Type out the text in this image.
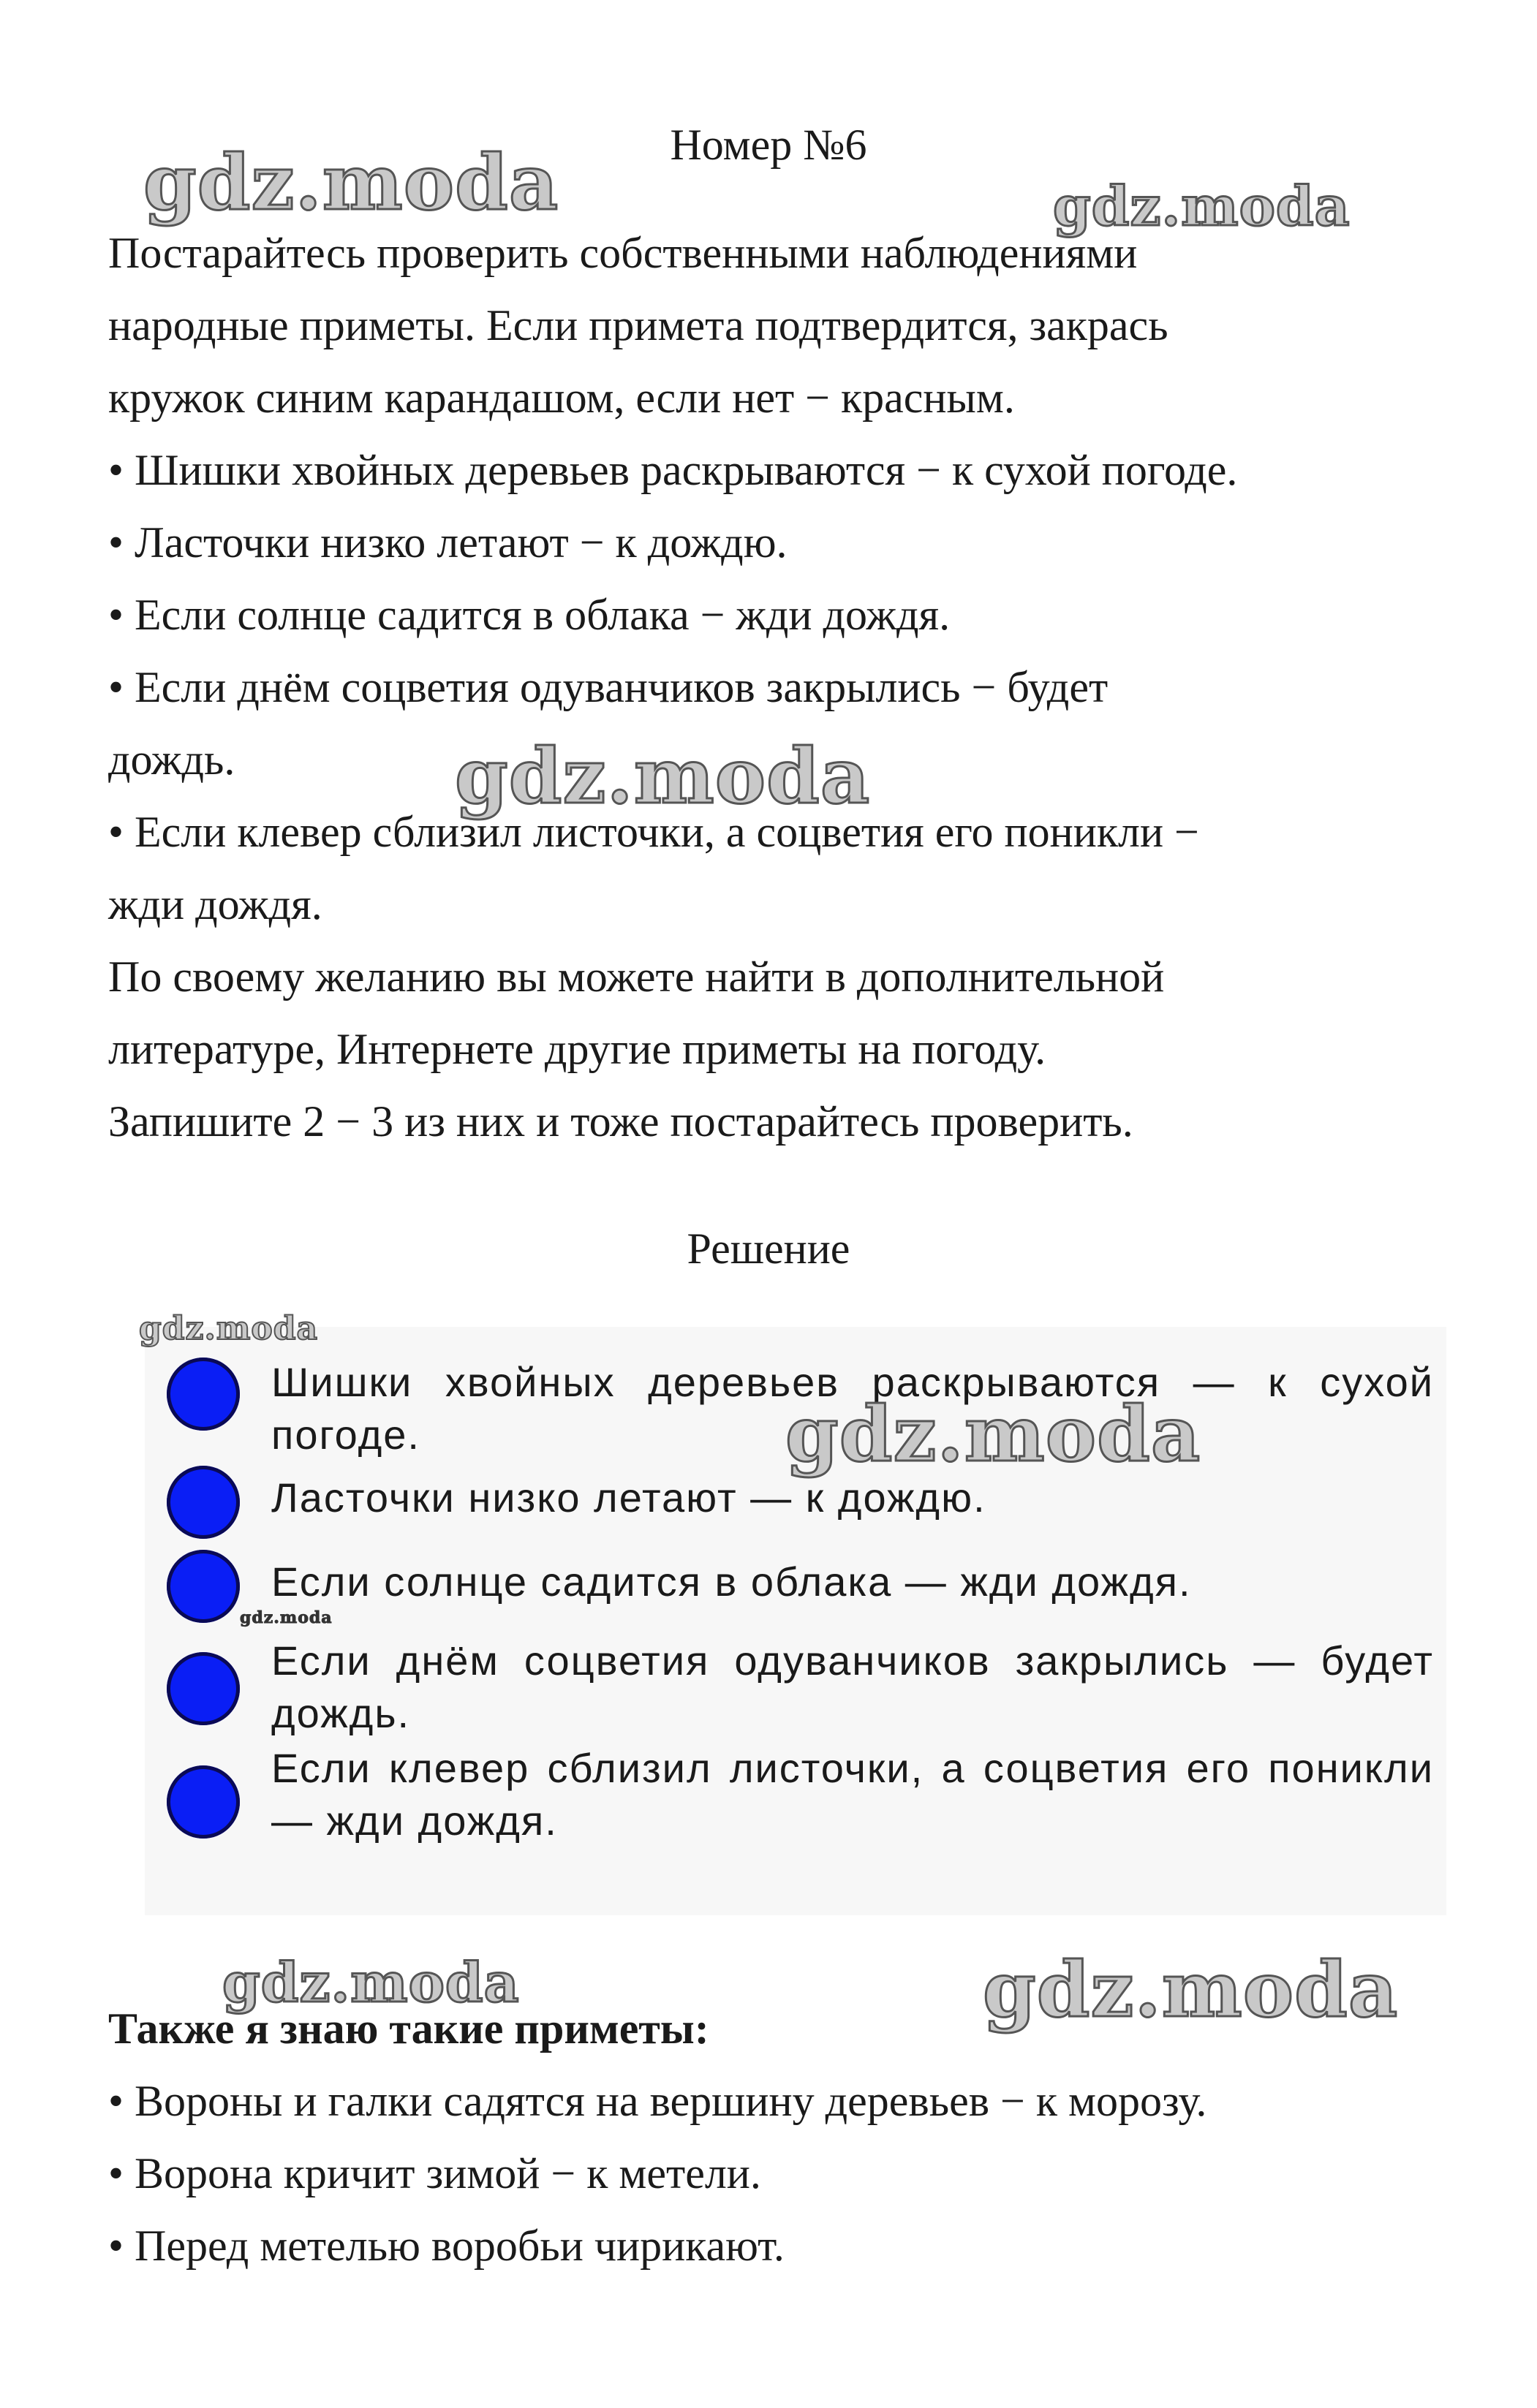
Номер №6
Постарайтесь проверить собственными наблюдениями
народные приметы. Если примета подтвердится, закрась
кружок синим карандашом, если нет − красным.
• Шишки хвойных деревьев раскрываются − к сухой погоде.
• Ласточки низко летают − к дождю.
• Если солнце садится в облака − жди дождя.
• Если днём соцветия одуванчиков закрылись − будет
дождь.
• Если клевер сблизил листочки, а соцветия его поникли −
жди дождя.
По своему желанию вы можете найти в дополнительной
литературе, Интернете другие приметы на погоду.
Запишите 2 − 3 из них и тоже постарайтесь проверить.
Решение
Шишки хвойных деревьев раскрываются — к сухой погоде.
Ласточки низко летают — к дождю.
Если солнце садится в облака — жди дождя.
Если днём соцветия одуванчиков закрылись — будет дождь.
Если клевер сблизил листочки, а соцветия его поникли — жди дождя.
Также я знаю такие приметы:
• Вороны и галки садятся на вершину деревьев − к морозу.
• Ворона кричит зимой − к метели.
• Перед метелью воробьи чирикают.
gdz.moda	gdz.moda
gdz.moda
gdz.moda
gdz.moda
gdz.moda
gdz.moda	gdz.moda
